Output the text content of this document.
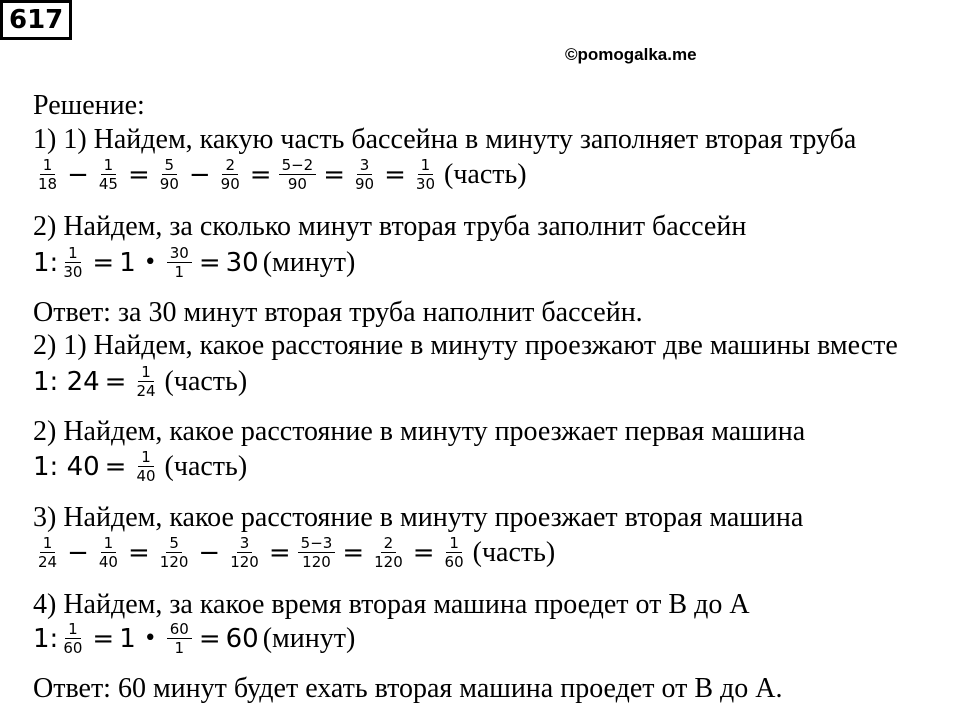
617
©pomogalka.me
Решение:
1) 1) Найдем, какую часть бассейна в минуту заполняет вторая труба
$\frac{1}{18} - \frac{1}{45} = \frac{5}{90} - \frac{2}{90} = \frac{5-2}{90} = \frac{3}{90} = \frac{1}{30}$ (часть)
2) Найдем, за сколько минут вторая труба заполнит бассейн
1: $\frac{1}{30} = 1$ • $\frac{30}{1} = 30$ (минут)
Ответ: за 30 минут вторая труба наполнит бассейн.
2) 1) Найдем, какое расстояние в минуту проезжают две машины вместе
1: $24 = \frac{1}{24}$ (часть)
2) Найдем, какое расстояние в минуту проезжает первая машина
1: $40 = \frac{1}{40}$ (часть)
3) Найдем, какое расстояние в минуту проезжает вторая машина
$\frac{1}{24} - \frac{1}{40} = \frac{5}{120} - \frac{3}{120} = \frac{5-3}{120} = \frac{2}{120} = \frac{1}{60}$ (часть)
4) Найдем, за какое время вторая машина проедет от В до А
1: $\frac{1}{60} = 1$ • $\frac{60}{1} = 60$ (минут)
Ответ: 60 минут будет ехать вторая машина проедет от В до А.
